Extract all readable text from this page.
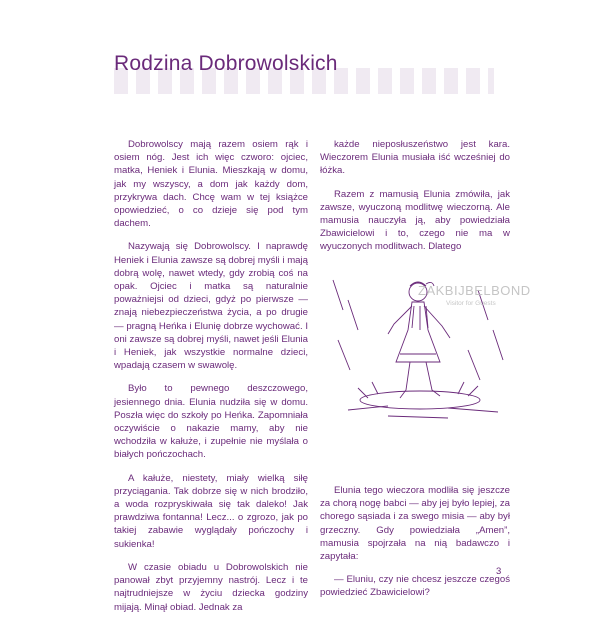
Rodzina Dobrowolskich

Dobrowolscy mają razem osiem rąk i osiem nóg. Jest ich więc czworo: ojciec, matka, Heniek i Elunia. Mieszkają w domu, jak my wszyscy, a dom jak każdy dom, przykrywa dach. Chcę wam w tej książce opowiedzieć, o co dzieje się pod tym dachem.

Nazywają się Dobrowolscy. I naprawdę Heniek i Elunia zawsze są dobrej myśli i mają dobrą wolę, nawet wtedy, gdy zrobią coś na opak. Ojciec i matka są naturalnie poważniejsi od dzieci, gdyż po pierwsze — znają niebezpieczeństwa życia, a po drugie — pragną Heńka i Elunię dobrze wychować. I oni zawsze są dobrej myśli, nawet jeśli Elunia i Heniek, jak wszystkie normalne dzieci, wpadają czasem w swawolę.

Było to pewnego deszczowego, jesiennego dnia. Elunia nudziła się w domu. Poszła więc do szkoły po Heńka. Zapomniała oczywiście o nakazie mamy, aby nie wchodziła w kałuże, i zupełnie nie myślała o białych pończochach.

A kałuże, niestety, miały wielką siłę przyciągania. Tak dobrze się w nich brodziło, a woda rozpryskiwała się tak daleko! Jak prawdziwa fontanna! Lecz... o zgrozo, jak po takiej zabawie wyglądały pończochy i sukienka!

W czasie obiadu u Dobrowolskich nie panował zbyt przyjemny nastrój. Lecz i te najtrudniejsze w życiu dziecka godziny mijają. Minął obiad. Jednak za

każde nieposłuszeństwo jest kara. Wieczorem Elunia musiała iść wcześniej do łóżka.

Razem z mamusią Elunia zmówiła, jak zawsze, wyuczoną modlitwę wieczorną. Ale mamusia nauczyła ją, aby powiedziała Zbawicielowi i to, czego nie ma w wyuczonych modlitwach. Dlatego

ZAKBIJBELBOND
Visitor for Guests

Elunia tego wieczora modliła się jeszcze za chorą nogę babci — aby jej było lepiej, za chorego sąsiada i za swego misia — aby był grzeczny. Gdy powiedziała „Amen”, mamusia spojrzała na nią badawczo i zapytała:

— Eluniu, czy nie chcesz jeszcze czegoś powiedzieć Zbawicielowi?

3
